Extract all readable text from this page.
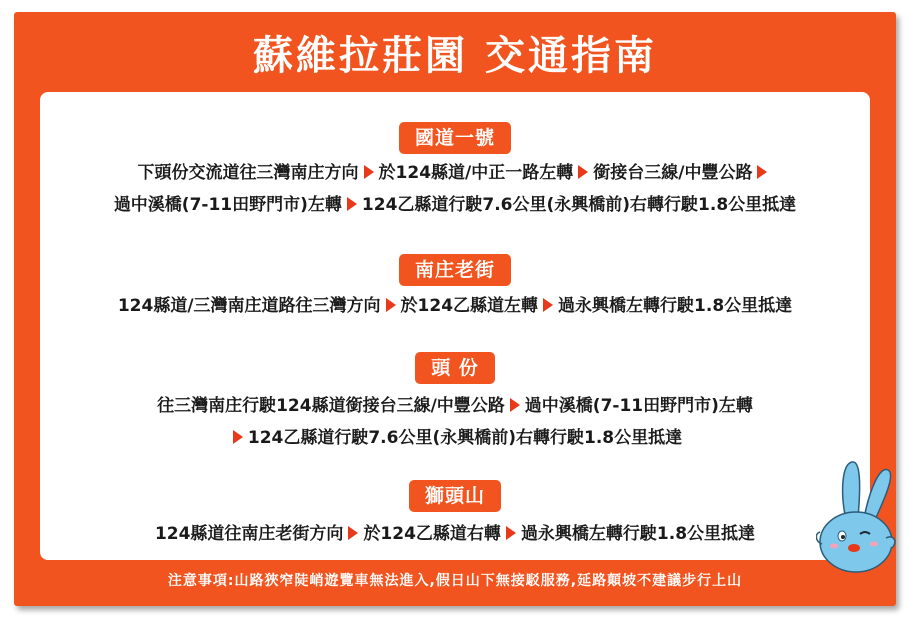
蘇維拉莊園 交通指南
國道一號
下頭份交流道往三灣南庄方向 於124縣道/中正一路左轉 銜接台三線/中豐公路
過中溪橋(7-11田野門市)左轉 124乙縣道行駛7.6公里(永興橋前)右轉行駛1.8公里抵達
南庄老街
124縣道/三灣南庄道路往三灣方向 於124乙縣道左轉 過永興橋左轉行駛1.8公里抵達
頭 份
往三灣南庄行駛124縣道銜接台三線/中豐公路 過中溪橋(7-11田野門市)左轉
124乙縣道行駛7.6公里(永興橋前)右轉行駛1.8公里抵達
獅頭山
124縣道往南庄老街方向 於124乙縣道右轉 過永興橋左轉行駛1.8公里抵達
注意事項:山路狹窄陡峭遊覽車無法進入,假日山下無接駁服務,延路顛坡不建議步行上山
